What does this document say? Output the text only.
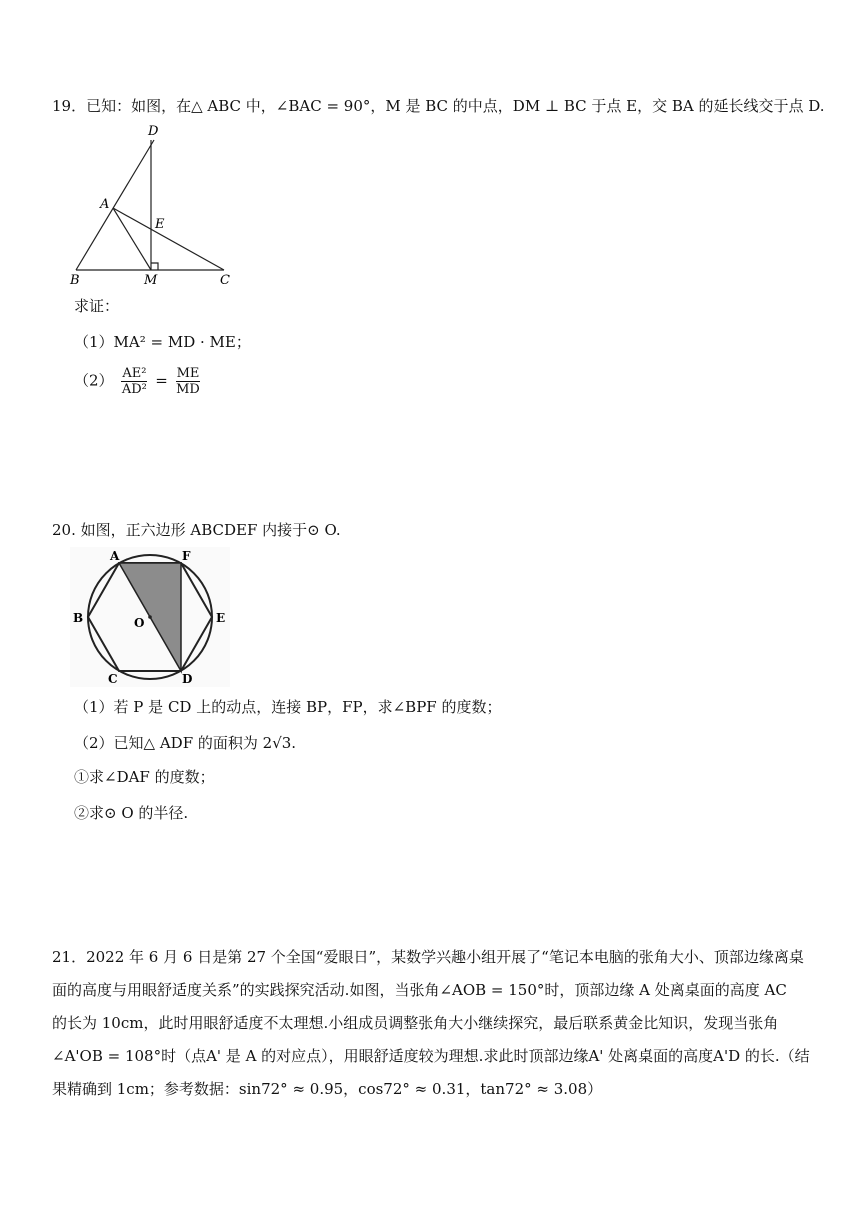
19．已知：如图，在△ ABC 中，∠BAC = 90°，M 是 BC 的中点，DM ⊥ BC 于点 E，交 BA 的延长线交于点 D.
D
A
E
B	M	C
求证：
（1）MA² = MD · ME；
$(2) \frac{\text{AE²}}{\text{AD²}} = \frac{ME}{MD}$
20. 如图，正六边形 ABCDEF 内接于⊙ O.
A	F
B	E
O
C	D
（1）若 P 是 CD 上的动点，连接 BP，FP，求∠BPF 的度数；
（2）已知△ ADF 的面积为 2√3.
①求∠DAF 的度数；
②求⊙ O 的半径.
21．2022 年 6 月 6 日是第 27 个全国“爱眼日”，某数学兴趣小组开展了“笔记本电脑的张角大小、顶部边缘离桌
面的高度与用眼舒适度关系”的实践探究活动.如图，当张角∠AOB = 150°时，顶部边缘 A 处离桌面的高度 AC
的长为 10cm，此时用眼舒适度不太理想.小组成员调整张角大小继续探究，最后联系黄金比知识，发现当张角
∠A'OB = 108°时（点A' 是 A 的对应点），用眼舒适度较为理想.求此时顶部边缘A' 处离桌面的高度A'D 的长.（结
果精确到 1cm；参考数据：sin72° ≈ 0.95，cos72° ≈ 0.31，tan72° ≈ 3.08）
